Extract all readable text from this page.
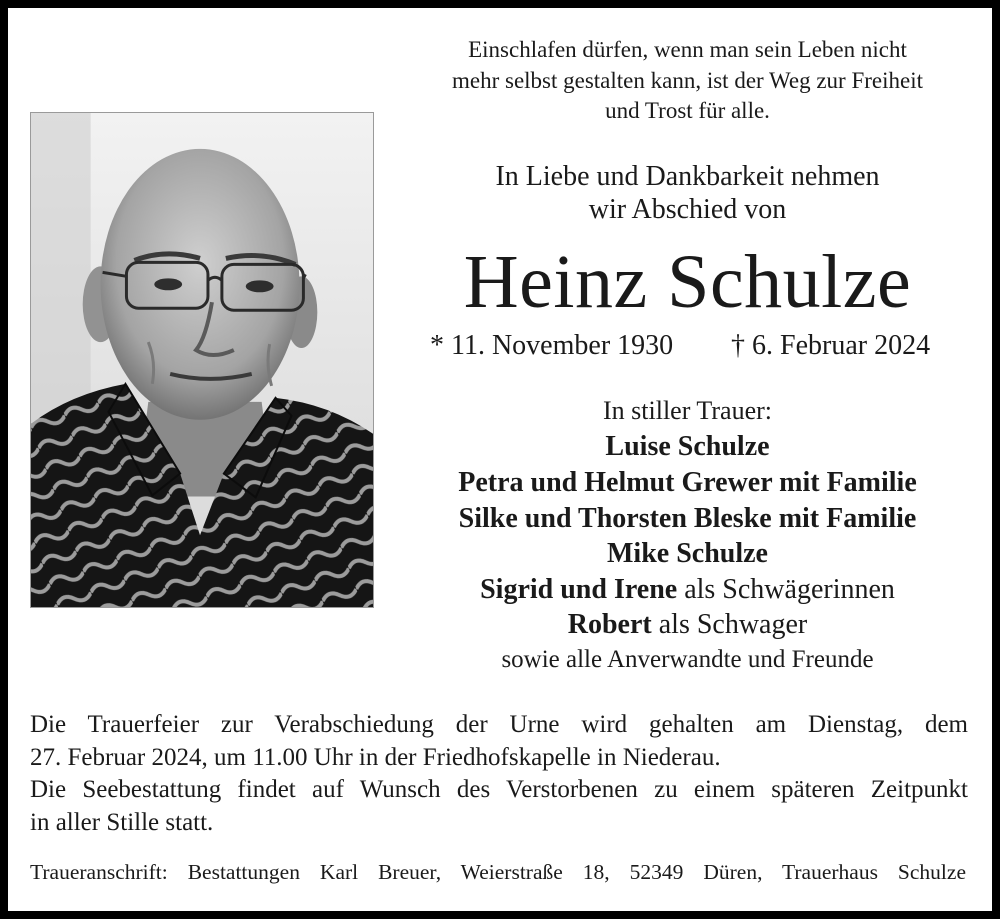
Einschlafen dürfen, wenn man sein Leben nicht
mehr selbst gestalten kann, ist der Weg zur Freiheit
und Trost für alle.
In Liebe und Dankbarkeit nehmen
wir Abschied von
Heinz Schulze
* 11. November 1930 † 6. Februar 2024
In stiller Trauer:
Luise Schulze
Petra und Helmut Grewer mit Familie
Silke und Thorsten Bleske mit Familie
Mike Schulze
Sigrid und Irene als Schwägerinnen
Robert als Schwager
sowie alle Anverwandte und Freunde
Die Trauerfeier zur Verabschiedung der Urne wird gehalten am Dienstag, dem
27. Februar 2024, um 11.00 Uhr in der Friedhofskapelle in Niederau.
Die Seebestattung findet auf Wunsch des Verstorbenen zu einem späteren Zeitpunkt
in aller Stille statt.
Traueranschrift: Bestattungen Karl Breuer, Weierstraße 18, 52349 Düren, Trauerhaus Schulze
